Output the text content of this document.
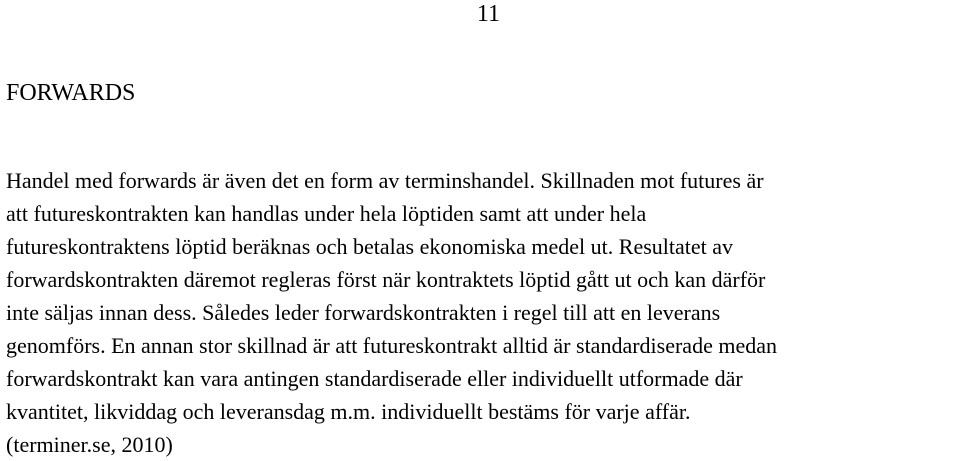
11
FORWARDS

Handel med forwards är även det en form av terminshandel. Skillnaden mot futures är
att futureskontrakten kan handlas under hela löptiden samt att under hela
futureskontraktens löptid beräknas och betalas ekonomiska medel ut. Resultatet av
forwardskontrakten däremot regleras först när kontraktets löptid gått ut och kan därför
inte säljas innan dess. Således leder forwardskontrakten i regel till att en leverans
genomförs. En annan stor skillnad är att futureskontrakt alltid är standardiserade medan
forwardskontrakt kan vara antingen standardiserade eller individuellt utformade där
kvantitet, likviddag och leveransdag m.m. individuellt bestäms för varje affär.
(terminer.se, 2010)
